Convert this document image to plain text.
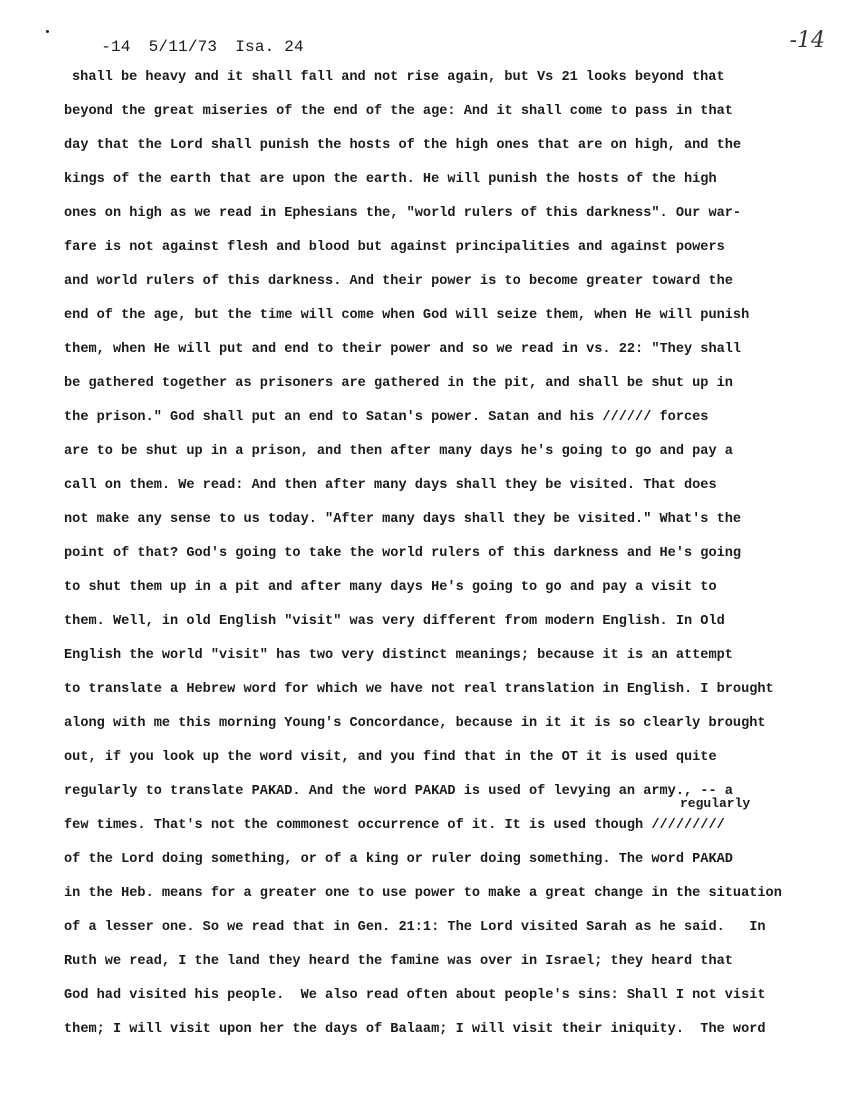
-14 5/11/73 Isa. 24
	-14
regularly
shall be heavy and it shall fall and not rise again, but Vs 21 looks beyond that
beyond the great miseries of the end of the age: And it shall come to pass in that
day that the Lord shall punish the hosts of the high ones that are on high, and the
kings of the earth that are upon the earth. He will punish the hosts of the high
ones on high as we read in Ephesians the, "world rulers of this darkness". Our war-
fare is not against flesh and blood but against principalities and against powers
and world rulers of this darkness. And their power is to become greater toward the
end of the age, but the time will come when God will seize them, when He will punish
them, when He will put and end to their power and so we read in vs. 22: "They shall
be gathered together as prisoners are gathered in the pit, and shall be shut up in
the prison." God shall put an end to Satan's power. Satan and his ////// forces
are to be shut up in a prison, and then after many days he's going to go and pay a
call on them. We read: And then after many days shall they be visited. That does
not make any sense to us today. "After many days shall they be visited." What's the
point of that? God's going to take the world rulers of this darkness and He's going
to shut them up in a pit and after many days He's going to go and pay a visit to
them. Well, in old English "visit" was very different from modern English. In Old
English the world "visit" has two very distinct meanings; because it is an attempt
to translate a Hebrew word for which we have not real translation in English. I brought
along with me this morning Young's Concordance, because in it it is so clearly brought
out, if you look up the word visit, and you find that in the OT it is used quite
regularly to translate PAKAD. And the word PAKAD is used of levying an army., -- a
few times. That's not the commonest occurrence of it. It is used though /////////
of the Lord doing something, or of a king or ruler doing something. The word PAKAD
in the Heb. means for a greater one to use power to make a great change in the situation
of a lesser one. So we read that in Gen. 21:1: The Lord visited Sarah as he said.   In
Ruth we read, I the land they heard the famine was over in Israel; they heard that
God had visited his people.  We also read often about people's sins: Shall I not visit
them; I will visit upon her the days of Balaam; I will visit their iniquity.  The word
